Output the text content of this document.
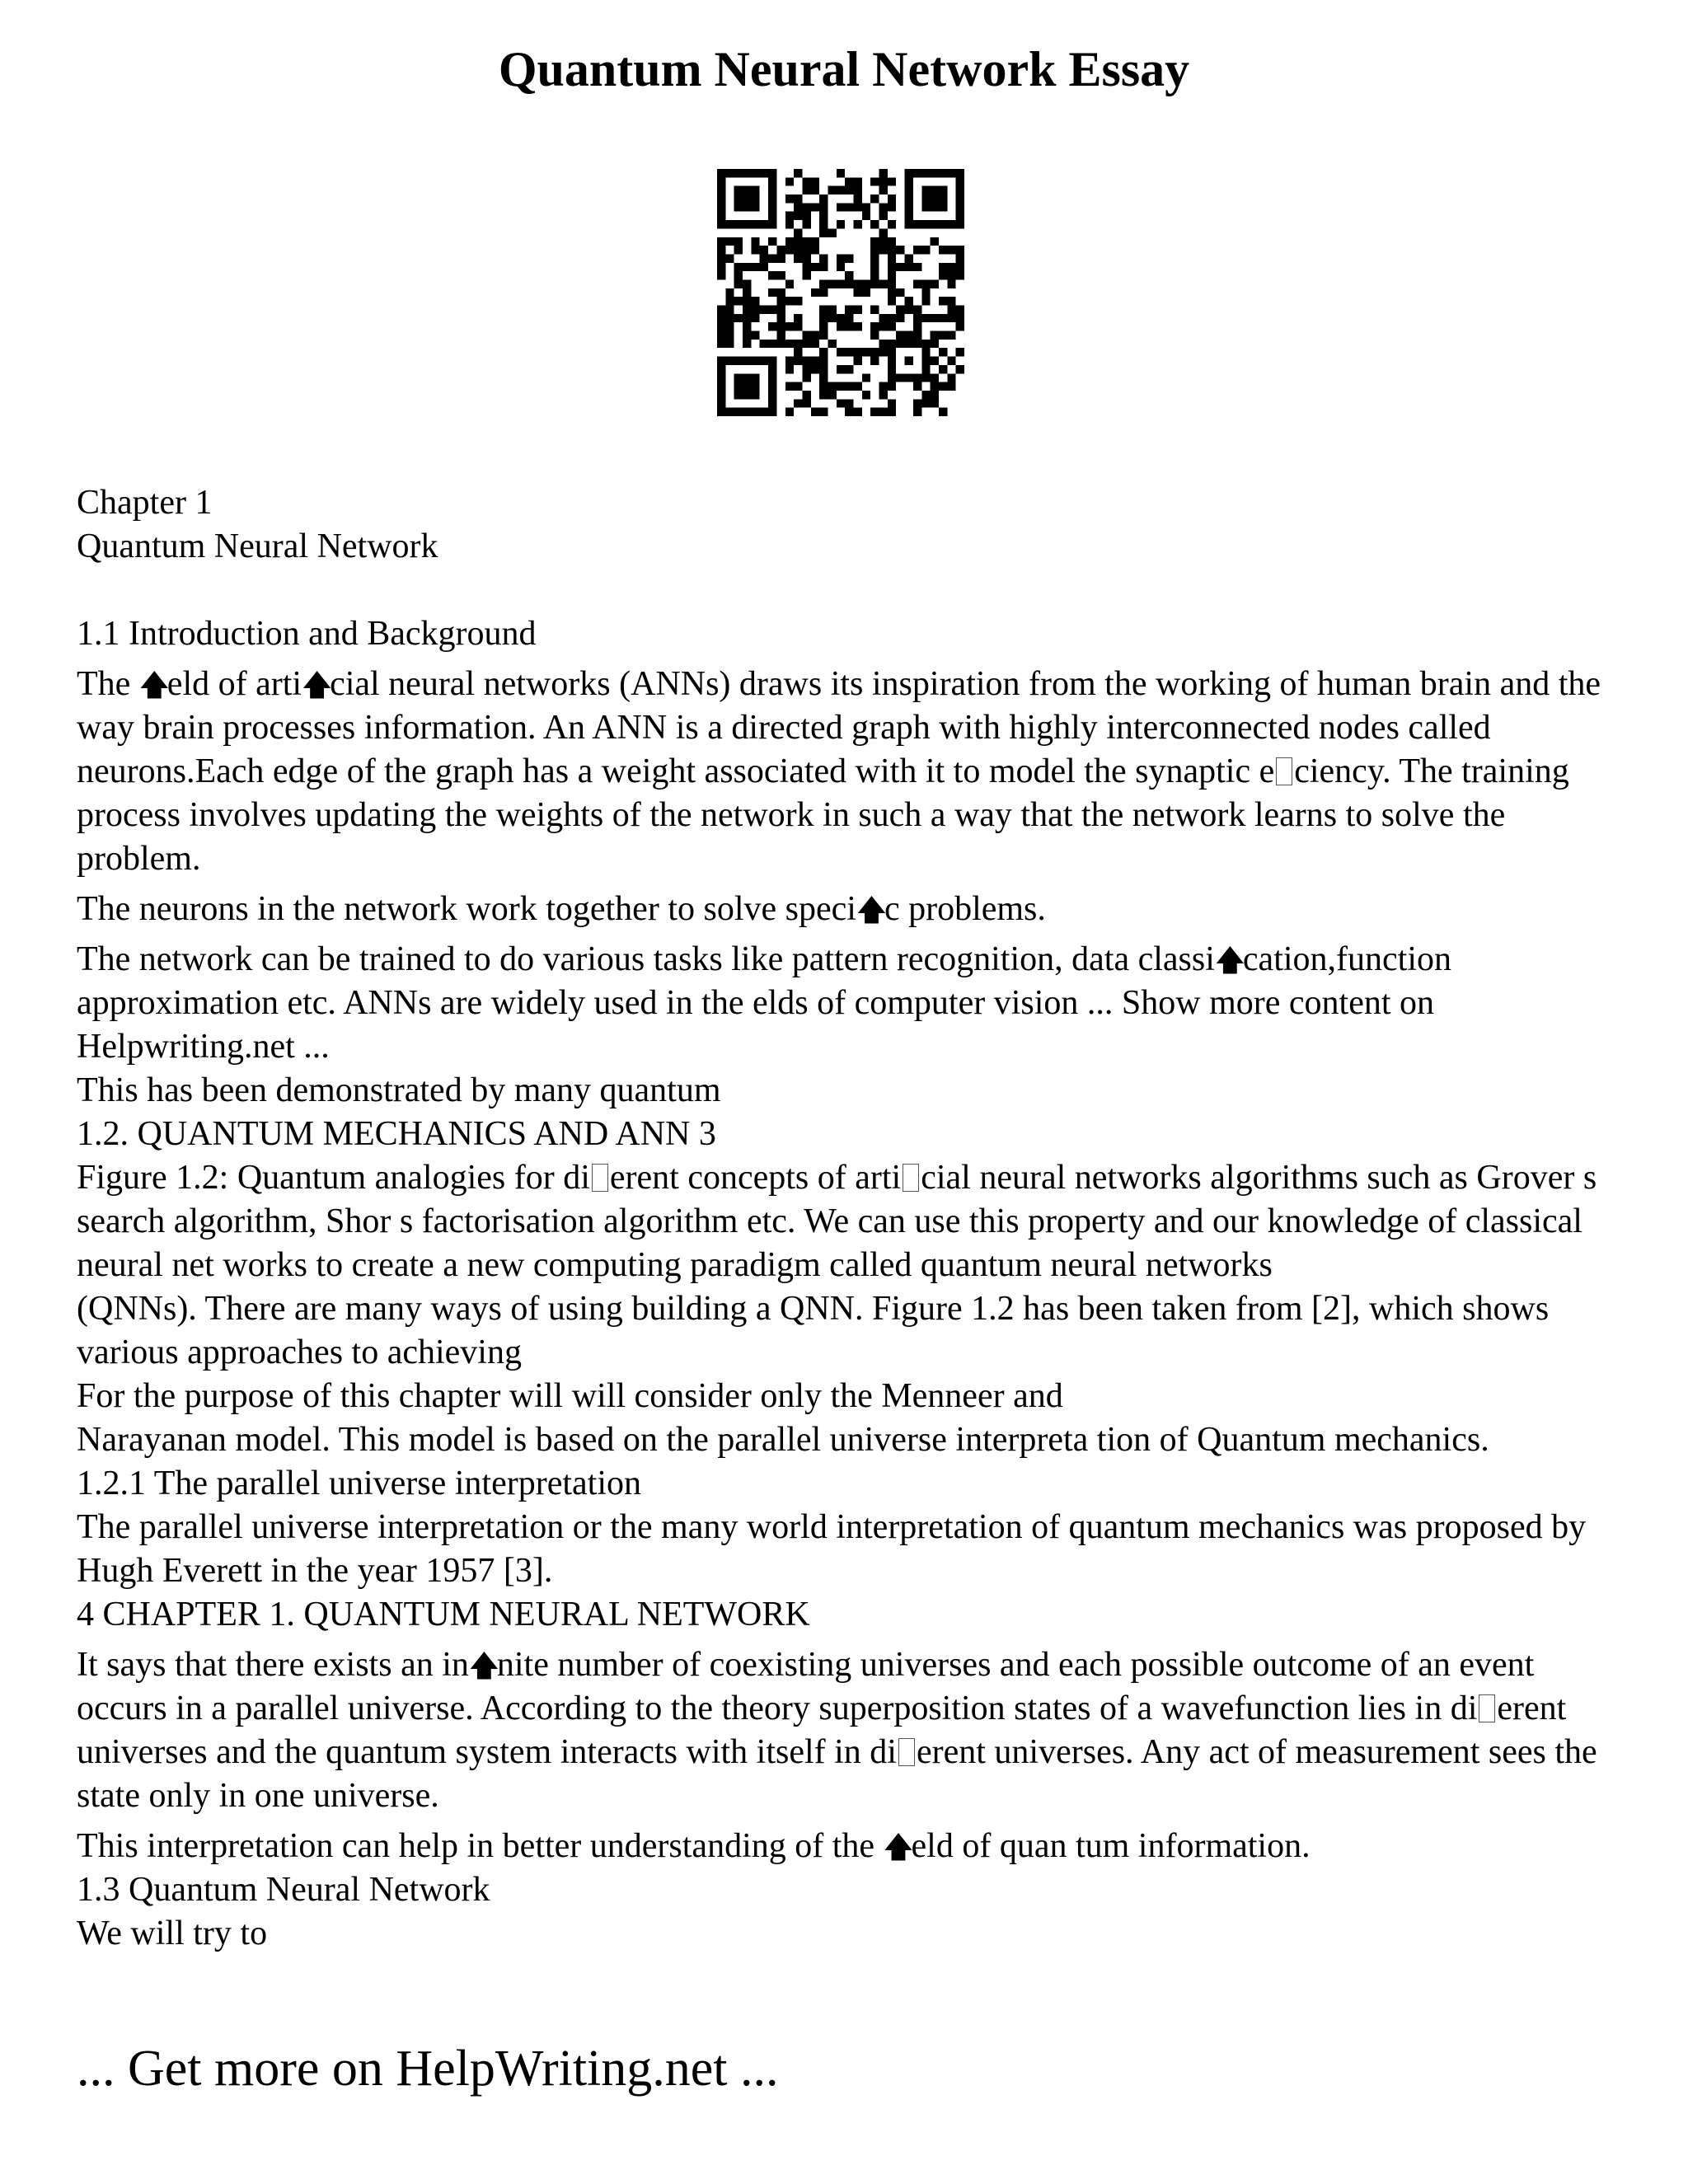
Quantum Neural Network Essay

Chapter 1

Quantum Neural Network

1.1 Introduction and Background

The 🡅eld of arti🡅cial neural networks (ANNs) draws its inspiration from the working of human brain and the way brain processes information. An ANN is a directed graph with highly interconnected nodes called neurons.Each edge of the graph has a weight associated with it to model the synaptic e ciency. The training process involves updating the weights of the network in such a way that the network learns to solve the problem.

The neurons in the network work together to solve speci🡅c problems.

The network can be trained to do various tasks like pattern recognition, data classi🡅cation,function approximation etc. ANNs are widely used in the elds of computer vision ... Show more content on Helpwriting.net ...

This has been demonstrated by many quantum

1.2. QUANTUM MECHANICS AND ANN 3

Figure 1.2: Quantum analogies for di erent concepts of arti cial neural networks algorithms such as Grover s search algorithm, Shor s factorisation algorithm etc. We can use this property and our knowledge of classical neural net works to create a new computing paradigm called quantum neural networks

(QNNs). There are many ways of using building a QNN. Figure 1.2 has been taken from [2], which shows various approaches to achieving

For the purpose of this chapter will will consider only the Menneer and

Narayanan model. This model is based on the parallel universe interpreta tion of Quantum mechanics.

1.2.1 The parallel universe interpretation

The parallel universe interpretation or the many world interpretation of quantum mechanics was proposed by Hugh Everett in the year 1957 [3].

4 CHAPTER 1. QUANTUM NEURAL NETWORK

It says that there exists an in🡅nite number of coexisting universes and each possible outcome of an event occurs in a parallel universe. According to the theory superposition states of a wavefunction lies in di erent universes and the quantum system interacts with itself in di erent universes. Any act of measurement sees the state only in one universe.

This interpretation can help in better understanding of the 🡅eld of quan tum information.

1.3 Quantum Neural Network

We will try to

... Get more on HelpWriting.net ...
